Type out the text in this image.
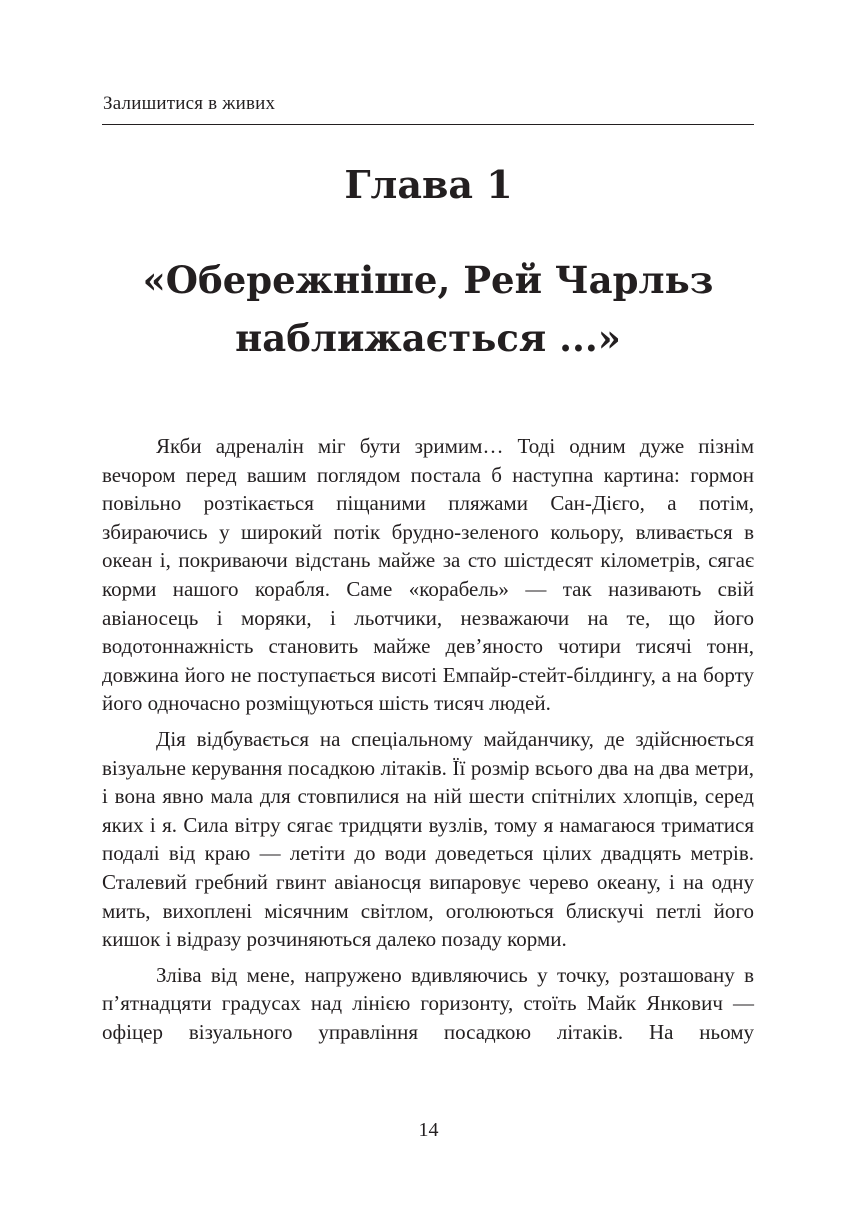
Залишитися в живих
Глава 1
«Обережніше, Рей Чарльз
наближається ...»

Якби адреналін міг бути зримим… Тоді одним дуже пізнім вечором перед вашим поглядом постала б наступна картина: гормон повільно розтікається піщаними пляжами Сан-Дієго, а потім, збираючись у широкий потік брудно-зеленого кольору, вливається в океан і, покриваючи відстань майже за сто шістдесят кілометрів, сягає корми нашого корабля. Саме «корабель» — так називають свій авіаносець і моряки, і льотчики, незважаючи на те, що його водотоннажність становить майже дев’яносто чотири тисячі тонн, довжина його не поступається висоті Емпайр-стейт-білдингу, а на борту його одночасно розміщуються шість тисяч людей.

Дія відбувається на спеціальному майданчику, де здійснюється візуальне керування посадкою літаків. Її розмір всього два на два метри, і вона явно мала для стовпилися на ній шести спітнілих хлопців, серед яких і я. Сила вітру сягає тридцяти вузлів, тому я намагаюся триматися подалі від краю — летіти до води доведеться цілих двадцять метрів. Сталевий гребний гвинт авіаносця випаровує черево океану, і на одну мить, вихоплені місячним світлом, оголюються блискучі петлі його кишок і відразу розчиняються далеко позаду корми.

Зліва від мене, напружено вдивляючись у точку, розташовану в п’ятнадцяти градусах над лінією горизонту, стоїть Майк Янкович — офіцер візуального управління посадкою літаків. На ньому

14
